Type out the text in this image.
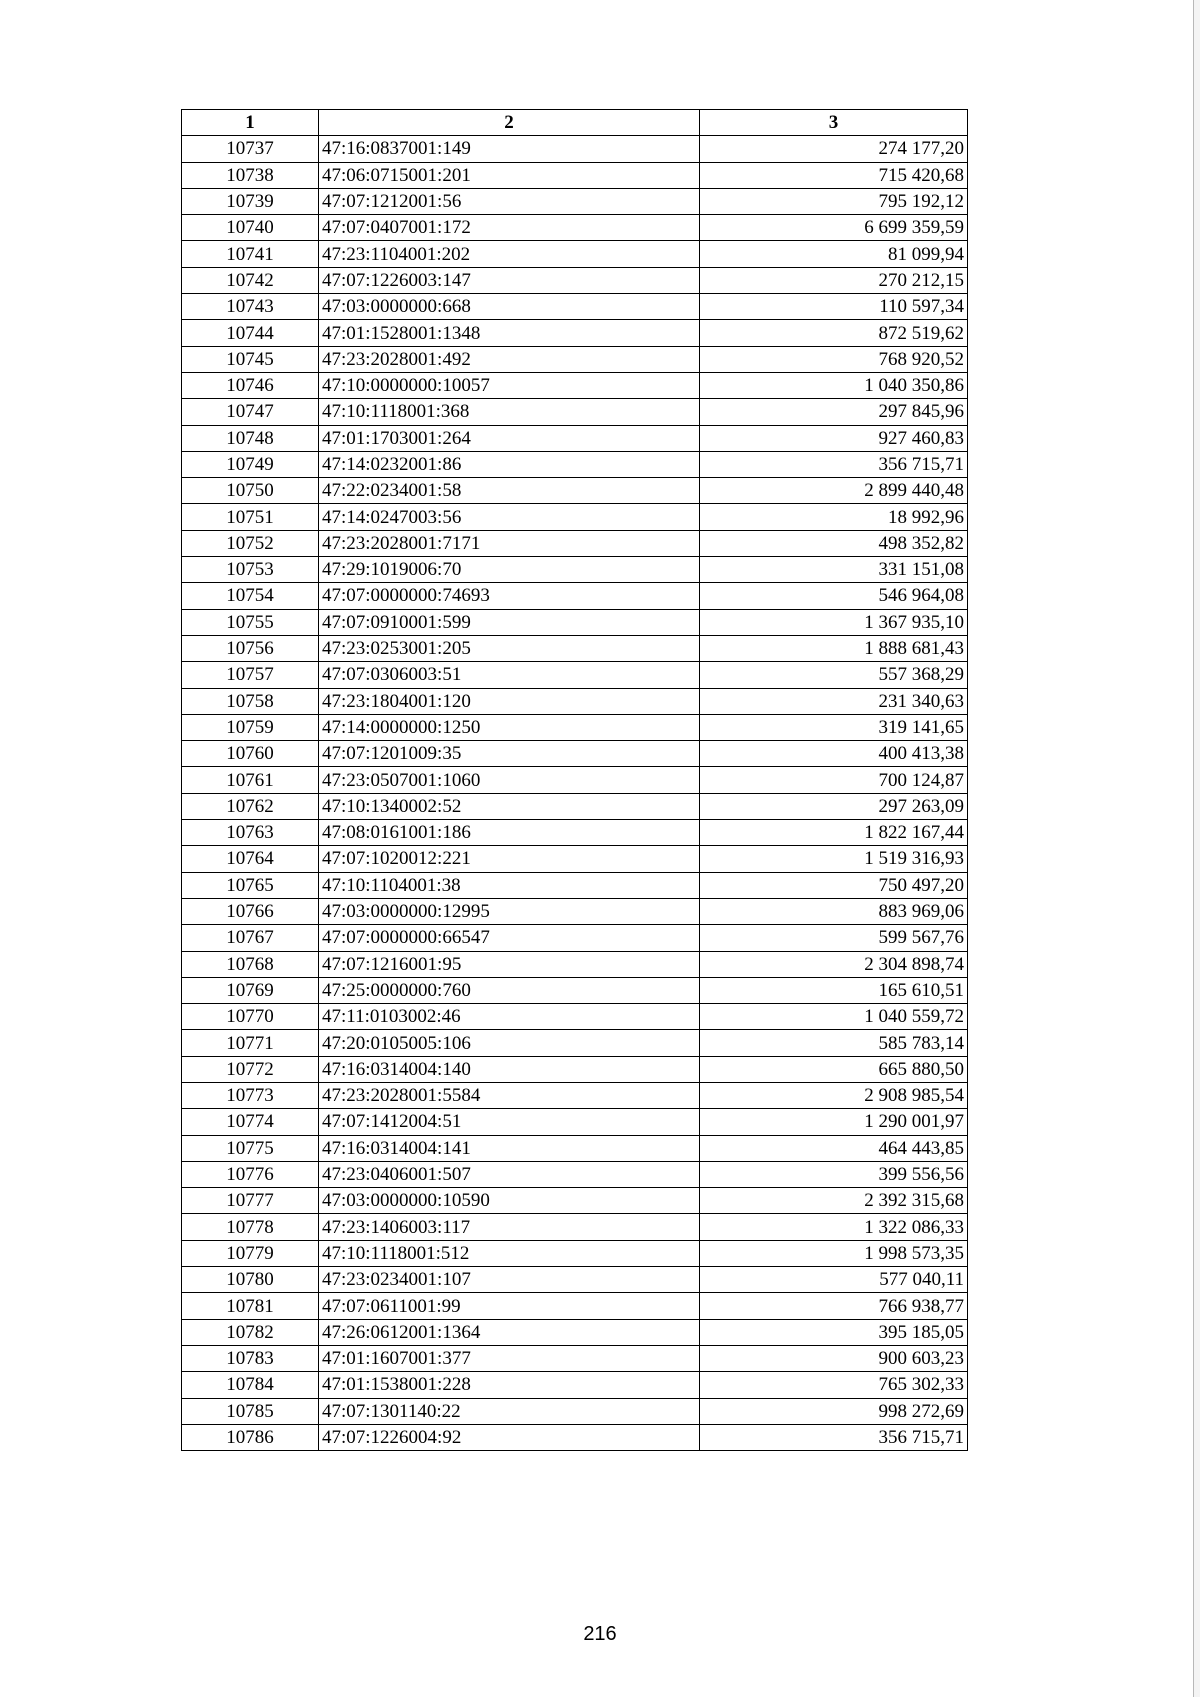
1	2	3
10737	47:16:0837001:149	274 177,20
10738	47:06:0715001:201	715 420,68
10739	47:07:1212001:56	795 192,12
10740	47:07:0407001:172	6 699 359,59
10741	47:23:1104001:202	81 099,94
10742	47:07:1226003:147	270 212,15
10743	47:03:0000000:668	110 597,34
10744	47:01:1528001:1348	872 519,62
10745	47:23:2028001:492	768 920,52
10746	47:10:0000000:10057	1 040 350,86
10747	47:10:1118001:368	297 845,96
10748	47:01:1703001:264	927 460,83
10749	47:14:0232001:86	356 715,71
10750	47:22:0234001:58	2 899 440,48
10751	47:14:0247003:56	18 992,96
10752	47:23:2028001:7171	498 352,82
10753	47:29:1019006:70	331 151,08
10754	47:07:0000000:74693	546 964,08
10755	47:07:0910001:599	1 367 935,10
10756	47:23:0253001:205	1 888 681,43
10757	47:07:0306003:51	557 368,29
10758	47:23:1804001:120	231 340,63
10759	47:14:0000000:1250	319 141,65
10760	47:07:1201009:35	400 413,38
10761	47:23:0507001:1060	700 124,87
10762	47:10:1340002:52	297 263,09
10763	47:08:0161001:186	1 822 167,44
10764	47:07:1020012:221	1 519 316,93
10765	47:10:1104001:38	750 497,20
10766	47:03:0000000:12995	883 969,06
10767	47:07:0000000:66547	599 567,76
10768	47:07:1216001:95	2 304 898,74
10769	47:25:0000000:760	165 610,51
10770	47:11:0103002:46	1 040 559,72
10771	47:20:0105005:106	585 783,14
10772	47:16:0314004:140	665 880,50
10773	47:23:2028001:5584	2 908 985,54
10774	47:07:1412004:51	1 290 001,97
10775	47:16:0314004:141	464 443,85
10776	47:23:0406001:507	399 556,56
10777	47:03:0000000:10590	2 392 315,68
10778	47:23:1406003:117	1 322 086,33
10779	47:10:1118001:512	1 998 573,35
10780	47:23:0234001:107	577 040,11
10781	47:07:0611001:99	766 938,77
10782	47:26:0612001:1364	395 185,05
10783	47:01:1607001:377	900 603,23
10784	47:01:1538001:228	765 302,33
10785	47:07:1301140:22	998 272,69
10786	47:07:1226004:92	356 715,71
216
